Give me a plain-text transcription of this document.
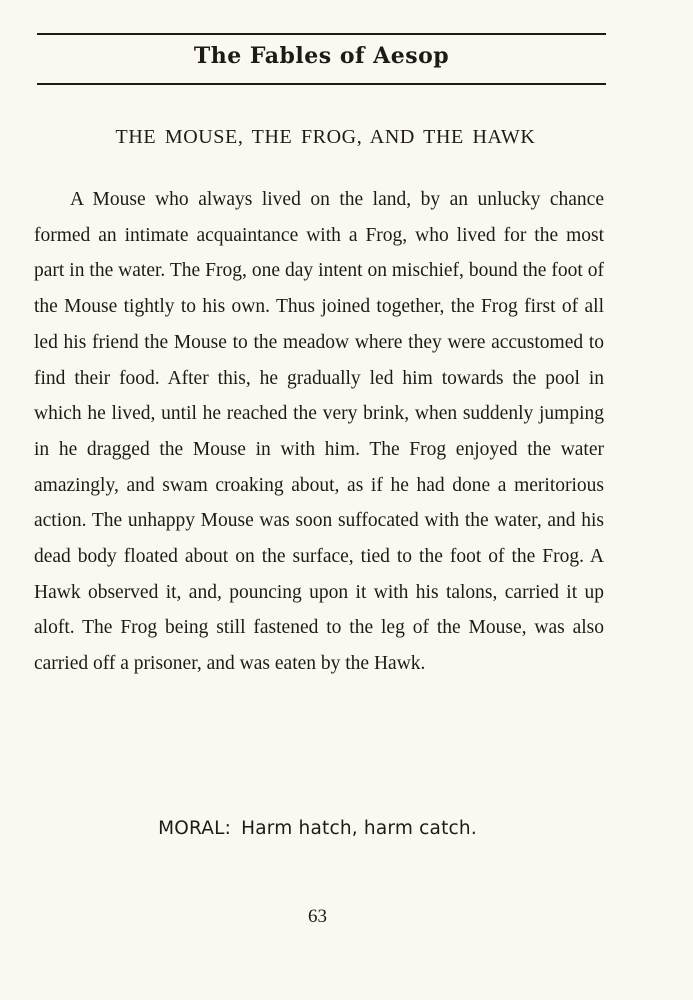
The Fables of Aesop
THE MOUSE, THE FROG, AND THE HAWK

A Mouse who always lived on the land, by an unlucky chance formed an intimate acquaintance with a Frog, who lived for the most part in the water. The Frog, one day intent on mischief, bound the foot of the Mouse tightly to his own. Thus joined together, the Frog first of all led his friend the Mouse to the meadow where they were accustomed to find their food. After this, he gradually led him towards the pool in which he lived, until he reached the very brink, when suddenly jumping in he dragged the Mouse in with him. The Frog enjoyed the water amazingly, and swam croaking about, as if he had done a meritorious action. The unhappy Mouse was soon suffocated with the water, and his dead body floated about on the surface, tied to the foot of the Frog. A Hawk observed it, and, pouncing upon it with his talons, carried it up aloft. The Frog being still fastened to the leg of the Mouse, was also carried off a prisoner, and was eaten by the Hawk.

MORAL: Harm hatch, harm catch.
63
